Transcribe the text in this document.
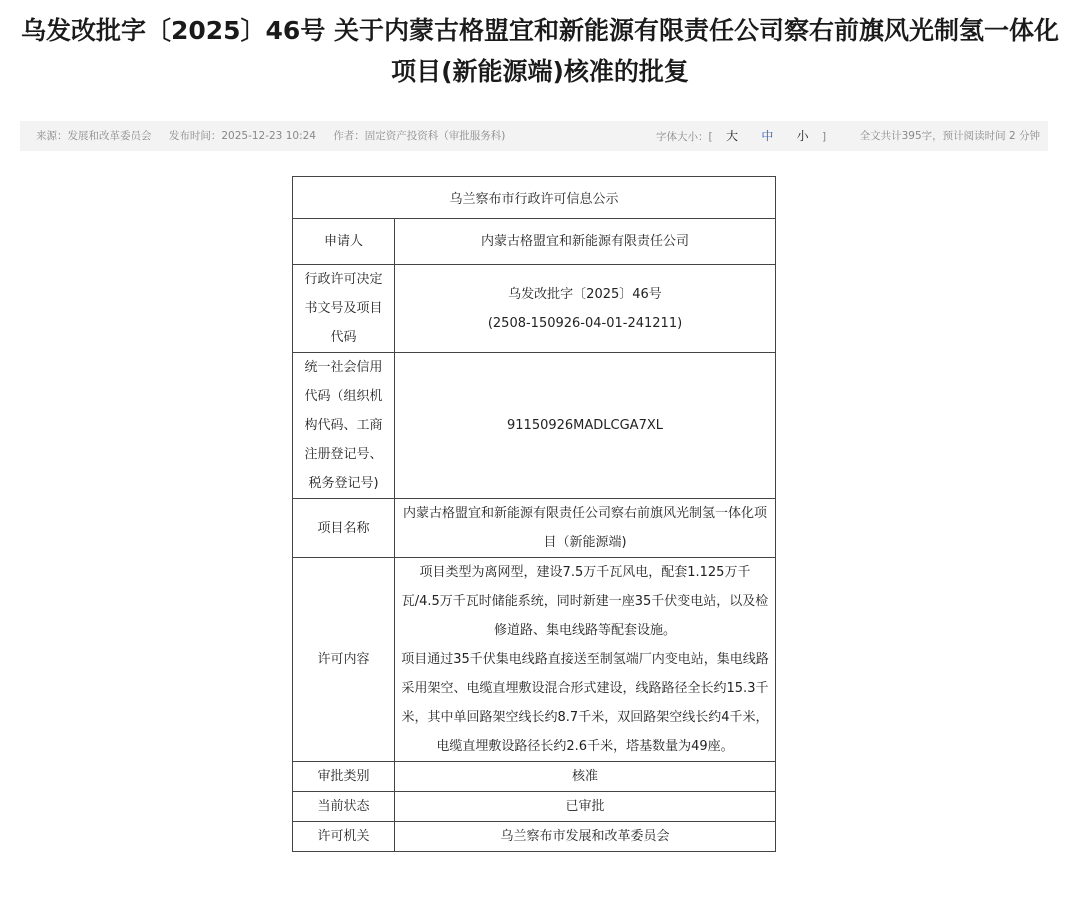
乌发改批字〔2025〕46号 关于内蒙古格盟宜和新能源有限责任公司察右前旗风光制氢一体化项目(新能源端)核准的批复
来源：发展和改革委员会 发布时间：2025-12-23 10:24 作者：固定资产投资科（审批服务科)	字体大小：[ 大 中 小 ]	全文共计395字，预计阅读时间 2 分钟
乌兰察布市行政许可信息公示	
申请人	内蒙古格盟宜和新能源有限责任公司
行政许可决定书文号及项目代码	乌发改批字〔2025〕46号
(2508-150926-04-01-241211)

统一社会信用代码（组织机构代码、工商注册登记号、税务登记号)	91150926MADLCGA7XL
项目名称	内蒙古格盟宜和新能源有限责任公司察右前旗风光制氢一体化项目（新能源端)
许可内容	项目类型为离网型，建设7.5万千瓦风电，配套1.125万千瓦/4.5万千瓦时储能系统，同时新建一座35千伏变电站，以及检修道路、集电线路等配套设施。
项目通过35千伏集电线路直接送至制氢端厂内变电站，集电线路采用架空、电缆直埋敷设混合形式建设，线路路径全长约15.3千米，其中单回路架空线长约8.7千米，双回路架空线长约4千米，电缆直埋敷设路径长约2.6千米，塔基数量为49座。

审批类别	核准
当前状态	已审批
许可机关	乌兰察布市发展和改革委员会
